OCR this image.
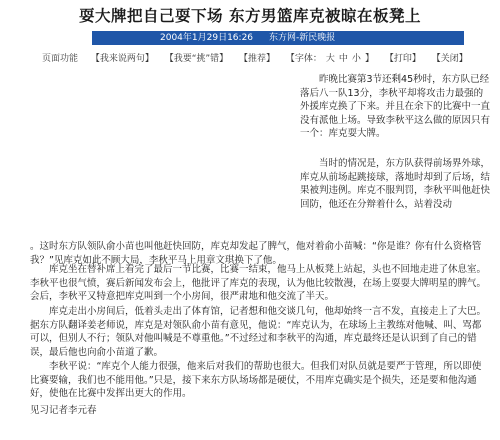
耍大牌把自己耍下场 东方男篮库克被晾在板凳上
2004年1月29日16:26 东方网-新民晚报
页面功能 【我来说两句】 【我要“挑”错】 【推荐】 【字体： 大 中 小 】 【打印】 【关闭】

昨晚比赛第3节还剩45秒时，东方队已经落后八一队13分，李秋平却将攻击力最强的外援库克换了下来。并且在余下的比赛中一直没有派他上场。导致李秋平这么做的原因只有一个：库克耍大牌。

当时的情况是，东方队获得前场界外球，库克从前场起跳接球，落地时却到了后场，结果被判违例。库克不服判罚，李秋平叫他赶快回防，他还在分辩着什么，站着没动

库克坐在替补席上看完了最后一节比赛，比赛一结束，他马上从板凳上站起，头也不回地走进了休息室。李秋平也很气愤，赛后新闻发布会上，他批评了库克的表现，认为他比较散漫，在场上耍耍大牌明星的脾气。会后，李秋平又特意把库克叫到一个小房间，很严肃地和他交流了半天。

库克走出小房间后，低着头走出了体育馆，记者想和他交谈几句，他却始终一言不发，直接走上了大巴。据东方队翻译姜老师说，库克是对领队俞小苗有意见，他说：“库克认为，在球场上主教练对他喊、叫、骂都可以，但别人不行；领队对他叫喊是不尊重他。”不过经过和李秋平的沟通，库克最终还是认识到了自己的错误，最后他也向俞小苗道了歉。

李秋平说：“库克个人能力很强，他来后对我们的帮助也很大。但我们对队员就是要严于管理，所以即使比赛要输，我们也不能用他。”只是，接下来东方队场场都是硬仗，不用库克确实是个损失，还是要和他沟通好，使他在比赛中发挥出更大的作用。

见习记者李元春

。这时东方队领队俞小苗也叫他赶快回防，库克却发起了脾气，他对着俞小苗喊：“你是谁？你有什么资格管我？”见库克如此不顾大局，李秋平马上用章文琪换下了他。
